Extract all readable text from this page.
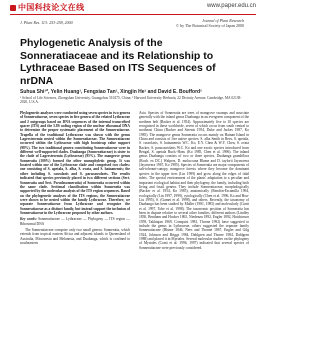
中国科技论文在线	www.paper.edu.cn
J. Plant Res. 113: 253-258, 2000	Journal of Plant Research
© by The Botanical Society of Japan 2000
Phylogenetic Analysis of the Sonneratiaceae and its Relationship to Lythraceae Based on ITS Sequences of nrDNA
Suhua Shi¹*, Yelin Huang¹, Fengxiao Tan¹, Xingjin He¹ and David E. Boufford²
¹ School of Life Sciences, Zhongshan University, Guangzhou 510275, China; ² Harvard University Herbaria, 22 Divinity Avenue, Cambridge, MA 02138-2020, U.S.A.

Phylogenetic analyses were conducted using seven species in two genera of Sonneratiaceae, seven species in five genera of the related Lythraceae and 2 outgroups based on DNA sequences of the internal transcribed spacer (ITS) and the 5.8S coding region of the nuclear ribosomal DNA to determine the proper systematic placement of the Sonneratiaceae. Trapella of the traditional Lythraceae was shown with the genus Lagerstroemia nested within the Sonneratiaceae. The Sonneratiaceae occurred within the Lythraceae with high bootstrap value support (98%). The two traditional genera constituting Sonneratiaceae were in different well-supported clades. Duabanga (Sonneratiaceae) is sister to the clade of Lagerstroemia (Lythraceae) (95%). The mangrove genus Sonneratia (100%) formed the other monophyletic group. It was located within one of the Lythraceae clade and comprised two clades: one consisting of S. apetala, S. alba, S. ovata, and S. hainanensis; the other including S. caseolaris and S. paracaseolaris. The results indicated that species previously placed in two different sections (Sect. Sonneratia and Sect. Pseudosonneratia) of Sonneratia occurred within the same clade. Sectional classification within Sonneratia was supported by the molecular analysis of the ITS region sequences. Based on the phylogenetic analyses of the ITS regions, the Sonneratiaceae were shown to be nested within the family Lythraceae. Therefore, we separate Sonneratiaceae from Lythraceae and recognize the Sonneratiaceae as a distinct family, but instead support the inclusion of Sonneratiaceae in the Lythraceae proposed by other authors.

Key words: Sonneratiaceae — Lythraceae — Phylogeny — ITS region — Ribosomal DNA

The Sonneratiaceae comprise only two small genera: Sonneratia, which extends from tropical eastern Africa and adjacent islands to Queensland of Australia, Micronesia and Melanesia, and Duabanga, which is confined to southeastern

Asia. Species of Sonneratia are trees of mangrove swamps and associate generally with the inland genus Duabanga in an evergreen component of the northern belt (Backer et al. 1954). Approximately five to 10 species are recognized in these worldwide, seven of which occur from south central to northeast China (Backer and Steenis 1954, Duke and Jackes 1987, Ko 1985). The mangrove genus Sonneratia occurs mainly on Hainan Island in China and consists of five native species: S. alba Smith in Rees, S. apetala, S. caseolaris, S. hainanensis W.C. Ko, E.Y. Chen & W.Y. Chen, S. ovata Backer, S. paracaseolaris W.C. Ko and one exotic species introduced from Bengal, S. apetala Buch.-Ham. (Ko 1985, Chen et al. 1996). The inland genus Duabanga consists of two or three species, Duabanga grandiflora (Roxb. ex DC.) Walpers, D. moluccana Blume and D. taylorii Jayaweera (Jayaweera 1967, Ko 1985). Species of Sonneratia are major components of salt-tolerant-canopy, mangrove forests where they become the dominant species in the upper tiers (Lin 1999) and grow along the edges of tidal inlets. The special environment of the plants' adaptation to a peculiar and important ecological habitat and their phylogeny, the family, including both living and fossil genera. They include Sonneratiaceae, morphologically (Backer et al. 1954, Ko 1985), anatomically (Rendón-Escamilla 1994, ecologically (Lin 1997, 1999), cytologically (Chen et al. 1996, Ko and Hou-Liu 1995), S. (Gamet et al. 1998), and others. Recently, the taxonomy of Duabanga has been studied by Muller (1981, 1985) and molecularly (Conti et al. 1997, Tobe et al. 1998). The taxonomic position of Sonneratia has been in dispute relative to several other families, different authors (Lindley 1830, Bentham and Hooker 1865, Niedenzu 1892, Engler 1892, Hutchinson 1959, Takhtajan 1969, Cronquist 1981, Thorne 1992) have suggested to include the genus in Lythraceae, others suggested the separate family Sonneratiaceae (Blume 1846, Nees and Thonné 1867, Engler and Gilg 1924, Johnson and Briggs 1984, Dahlgren and Thorne 1984, Dahlgren 1988) and placed it in Myrtales. Several molecular studies on the phylogeny of Myrtales (Conti et al. 1996, 1997) indicated that several species of Sonneratiaceae were previously considered.
